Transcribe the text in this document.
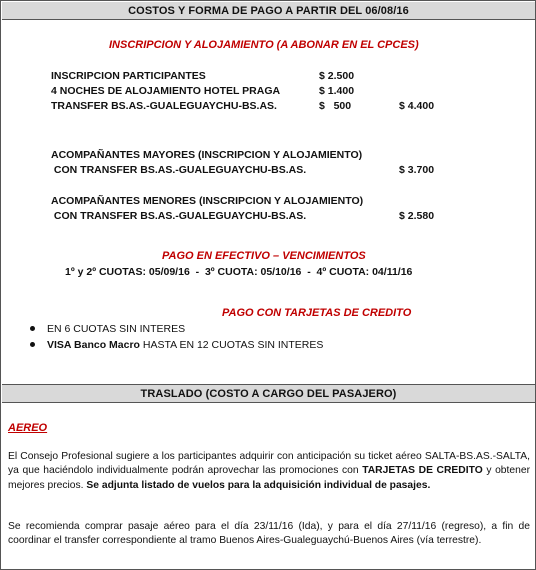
COSTOS Y FORMA DE PAGO A PARTIR DEL 06/08/16
INSCRIPCION Y ALOJAMIENTO (A ABONAR EN EL CPCES)
INSCRIPCION PARTICIPANTES	$ 2.500
4 NOCHES DE ALOJAMIENTO HOTEL PRAGA	$ 1.400
TRANSFER BS.AS.-GUALEGUAYCHU-BS.AS.	$   500	$ 4.400
ACOMPAÑANTES MAYORES (INSCRIPCION Y ALOJAMIENTO)
CON TRANSFER BS.AS.-GUALEGUAYCHU-BS.AS.	$ 3.700
ACOMPAÑANTES MENORES (INSCRIPCION Y ALOJAMIENTO)
CON TRANSFER BS.AS.-GUALEGUAYCHU-BS.AS.	$ 2.580
PAGO EN EFECTIVO – VENCIMIENTOS
1º y 2º CUOTAS: 05/09/16  -  3º CUOTA: 05/10/16  -  4º CUOTA: 04/11/16
PAGO CON TARJETAS DE CREDITO
EN 6 CUOTAS SIN INTERES
VISA Banco Macro HASTA EN 12 CUOTAS SIN INTERES
TRASLADO (COSTO A CARGO DEL PASAJERO)
AEREO
El Consejo Profesional sugiere a los participantes adquirir con anticipación su ticket aéreo SALTA-BS.AS.-SALTA, ya que haciéndolo individualmente podrán aprovechar las promociones con TARJETAS DE CREDITO y obtener mejores precios. Se adjunta listado de vuelos para la adquisición individual de pasajes.
Se recomienda comprar pasaje aéreo para el día 23/11/16 (Ida), y para el día 27/11/16 (regreso), a fin de coordinar el transfer correspondiente al tramo Buenos Aires-Gualeguaychú-Buenos Aires (vía terrestre).
